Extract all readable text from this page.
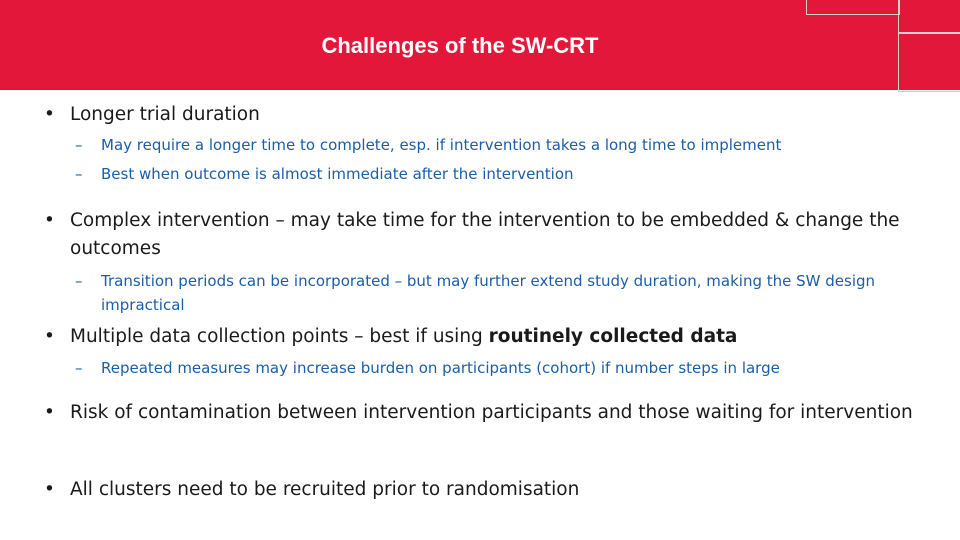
Challenges of the SW-CRT
• Longer trial duration
– May require a longer time to complete, esp. if intervention takes a long time to implement
– Best when outcome is almost immediate after the intervention
• Complex intervention – may take time for the intervention to be embedded & change the outcomes
– Transition periods can be incorporated – but may further extend study duration, making the SW design impractical
• Multiple data collection points – best if using routinely collected data
– Repeated measures may increase burden on participants (cohort) if number steps in large
• Risk of contamination between intervention participants and those waiting for intervention
• All clusters need to be recruited prior to randomisation
